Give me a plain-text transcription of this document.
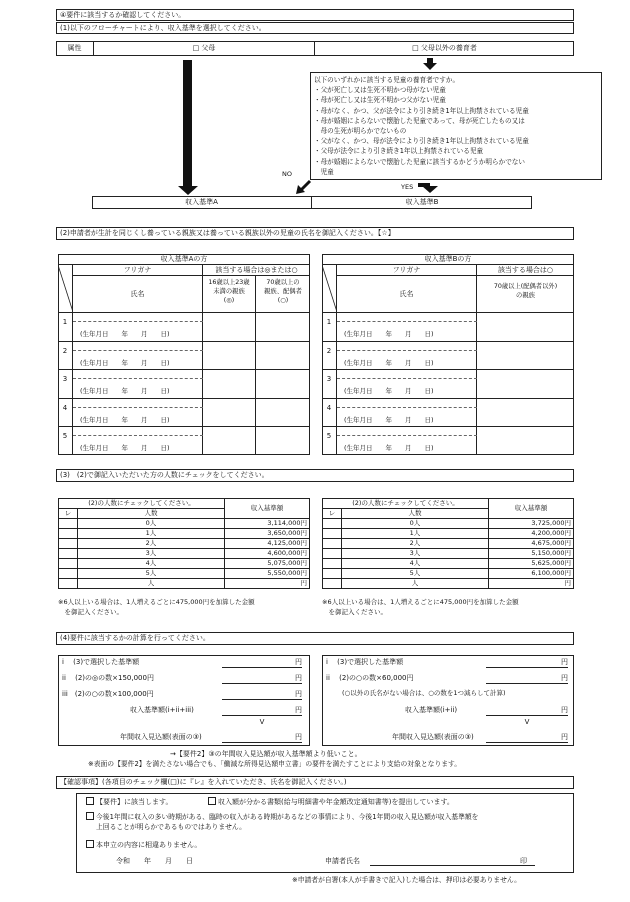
④要件に該当するか確認してください。
(1)以下のフローチャートにより、収入基準を選択してください。
属性	□ 父母	□ 父母以外の養育者
以下のいずれかに該当する児童の養育者ですか。
・父が死亡し又は生死不明かつ母がない児童
・母が死亡し又は生死不明かつ父がない児童
・母がなく、かつ、父が法令により引き続き1年以上拘禁されている児童
・母が婚姻によらないで懐胎した児童であって、母が死亡したもの又は
　母の生死が明らかでないもの
・父がなく、かつ、母が法令により引き続き1年以上拘禁されている児童
・父母が法令により引き続き1年以上拘禁されている児童
・母が婚姻によらないで懐胎した児童に該当するかどうか明らかでない
　児童
NO
YES
収入基準A	収入基準B
(2)申請者が生計を同じくし養っている親族又は養っている親族以外の児童の氏名を御記入ください。【☆】
収入基準Aの方
フリガナ
氏名
該当する場合は◎または○
16歳以上23歳
未満の親族
(◎)
70歳以上の
親族、配偶者
(○)
収入基準Bの方
フリガナ
氏名
該当する場合は○
70歳以上(配偶者以外)
の親族
1
(生年月日　　年　　月　　日)
1
(生年月日　　年　　月　　日)
2
(生年月日　　年　　月　　日)
2
(生年月日　　年　　月　　日)
3
(生年月日　　年　　月　　日)
3
(生年月日　　年　　月　　日)
4
(生年月日　　年　　月　　日)
4
(生年月日　　年　　月　　日)
5
(生年月日　　年　　月　　日)
5
(生年月日　　年　　月　　日)
(3)　(2)で御記入いただいた方の人数にチェックをしてください。
(2)の人数にチェックしてください。		収入基準額
レ	人数	
	0人	3,114,000円
	1人	3,650,000円
	2人	4,125,000円
	3人	4,600,000円
	4人	5,075,000円
	5人	5,550,000円
	人	円
(2)の人数にチェックしてください。		収入基準額
レ	人数	
	0人	3,725,000円
	1人	4,200,000円
	2人	4,675,000円
	3人	5,150,000円
	4人	5,625,000円
	5人	6,100,000円
	人	円
※6人以上いる場合は、1人増えるごとに475,000円を加算した金額
　を御記入ください。
※6人以上いる場合は、1人増えるごとに475,000円を加算した金額
　を御記入ください。
(4)要件に該当するかの計算を行ってください。
i　 (3)で選択した基準額	円
ii　 (2)の◎の数×150,000円	円
iii　(2)の○の数×100,000円	円
収入基準額(i+ii+iii)	円
V
年間収入見込額(表面の③)	円
i　 (3)で選択した基準額	円
ii　 (2)の○の数×60,000円	円
(○以外の氏名がない場合は、○の数を1つ減らして計算)
収入基準額(i+ii)	円
V
年間収入見込額(表面の③)	円
→【要件2】③の年間収入見込額が収入基準額より低いこと。
※表面の【要件2】を満たさない場合でも、「働減な所得見込額申立書」の要件を満たすことにより支給の対象となります。
【確認事項】(各項目のチェック欄(□)に『レ』を入れていただき、氏名を御記入ください。)
【要件】に該当します。	収入額が分かる書類(給与明細書や年金額改定通知書等)を提出しています。
今後1年間に収入の多い時期がある、臨時の収入がある時期があるなどの事情により、今後1年間の収入見込額が収入基準額を
上回ることが明らかであるものではありません。
本申立の内容に相違ありません。
令和　　年　　月　　日	申請者氏名	印
※申請者が自署(本人が手書きで記入)した場合は、押印は必要ありません。
